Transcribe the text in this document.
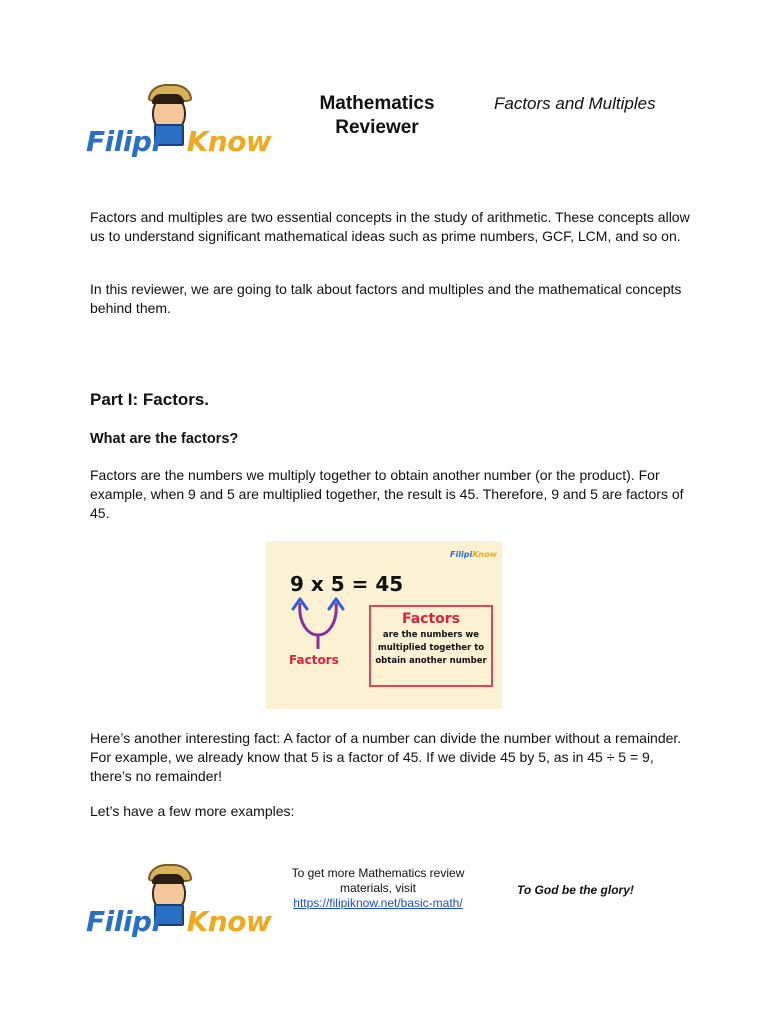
Filipi Know
Mathematics
Reviewer
Factors and Multiples
Factors and multiples are two essential concepts in the study of arithmetic. These concepts allow us to understand significant mathematical ideas such as prime numbers, GCF, LCM, and so on.
In this reviewer, we are going to talk about factors and multiples and the mathematical concepts behind them.
Part I: Factors.
What are the factors?
Factors are the numbers we multiply together to obtain another number (or the product). For example, when 9 and 5 are multiplied together, the result is 45. Therefore, 9 and 5 are factors of 45.
FilipiKnow
9 x 5 = 45
Factors
Factors
are the numbers we multiplied together to obtain another number
Here’s another interesting fact: A factor of a number can divide the number without a remainder. For example, we already know that 5 is a factor of 45. If we divide 45 by 5, as in 45 ÷ 5 = 9, there’s no remainder!
Let’s have a few more examples:
Filipi Know
To get more Mathematics review
materials, visit
https://filipiknow.net/basic-math/
To God be the glory!
